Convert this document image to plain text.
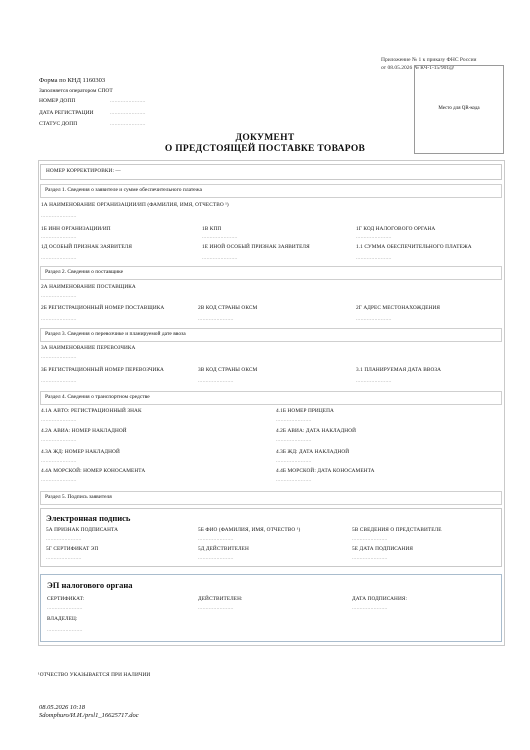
Приложение № 1 к приказу ФНС России
от 08.05.2026 № КЧ-1-15/901@
Форма по КНД 1160303
Заполняется оператором СПОТ
НОМЕР ДОПП	.......................
ДАТА РЕГИСТРАЦИИ	.......................
СТАТУС ДОПП	.......................
Место для QR-кода
ДОКУМЕНТ
О ПРЕДСТОЯЩЕЙ ПОСТАВКЕ ТОВАРОВ
НОМЕР КОРРЕКТИРОВКИ: —
Раздел 1. Сведения о заявителе и сумме обеспечительного платежа
1А НАИМЕНОВАНИЕ ОРГАНИЗАЦИИ/ИП (ФАМИЛИЯ, ИМЯ, ОТЧЕСТВО ¹)
.......................
1Б ИНН ОРГАНИЗАЦИИ/ИП	1В КПП	1Г КОД НАЛОГОВОГО ОРГАНА
.......................	.......................	.......................
1Д ОСОБЫЙ ПРИЗНАК ЗАЯВИТЕЛЯ	1Е ИНОЙ ОСОБЫЙ ПРИЗНАК ЗАЯВИТЕЛЯ	1.1 СУММА ОБЕСПЕЧИТЕЛЬНОГО ПЛАТЕЖА
.......................	.......................	.......................
Раздел 2. Сведения о поставщике
2А НАИМЕНОВАНИЕ ПОСТАВЩИКА
.......................
2Б РЕГИСТРАЦИОННЫЙ НОМЕР ПОСТАВЩИКА	2В КОД СТРАНЫ ОКСМ	2Г АДРЕС МЕСТОНАХОЖДЕНИЯ
.......................	.......................	.......................
Раздел 3. Сведения о перевозчике и планируемой дате ввоза
3А НАИМЕНОВАНИЕ ПЕРЕВОЗЧИКА
.......................
3Б РЕГИСТРАЦИОННЫЙ НОМЕР ПЕРЕВОЗЧИКА	3В КОД СТРАНЫ ОКСМ	3.1 ПЛАНИРУЕМАЯ ДАТА ВВОЗА
.......................	.......................	.......................
Раздел 4. Сведения о транспортном средстве
4.1А АВТО: РЕГИСТРАЦИОННЫЙ ЗНАК	4.1Б НОМЕР ПРИЦЕПА
.......................	.......................
4.2А АВИА: НОМЕР НАКЛАДНОЙ	4.2Б АВИА: ДАТА НАКЛАДНОЙ
.......................	.......................
4.3А ЖД: НОМЕР НАКЛАДНОЙ	4.3Б ЖД: ДАТА НАКЛАДНОЙ
.......................	.......................
4.4А МОРСКОЙ: НОМЕР КОНОСАМЕНТА	4.4Б МОРСКОЙ: ДАТА КОНОСАМЕНТА
.......................	.......................
Раздел 5. Подпись заявителя
Электронная подпись
5А ПРИЗНАК ПОДПИСАНТА	5Б ФИО (ФАМИЛИЯ, ИМЯ, ОТЧЕСТВО ¹)	5В СВЕДЕНИЯ О ПРЕДСТАВИТЕЛЕ
.......................	.......................	.......................
5Г СЕРТИФИКАТ ЭП	5Д ДЕЙСТВИТЕЛЕН	5Е ДАТА ПОДПИСАНИЯ
.......................	.......................	.......................
ЭП налогового органа
СЕРТИФИКАТ:	ДЕЙСТВИТЕЛЕН:	ДАТА ПОДПИСАНИЯ:
.......................	.......................	.......................
ВЛАДЕЛЕЦ:
.......................
¹ОТЧЕСТВО УКАЗЫВАЕТСЯ ПРИ НАЛИЧИИ
08.05.2026 10:18
Sdomphuro/И.И./prsl1_16625717.doc
